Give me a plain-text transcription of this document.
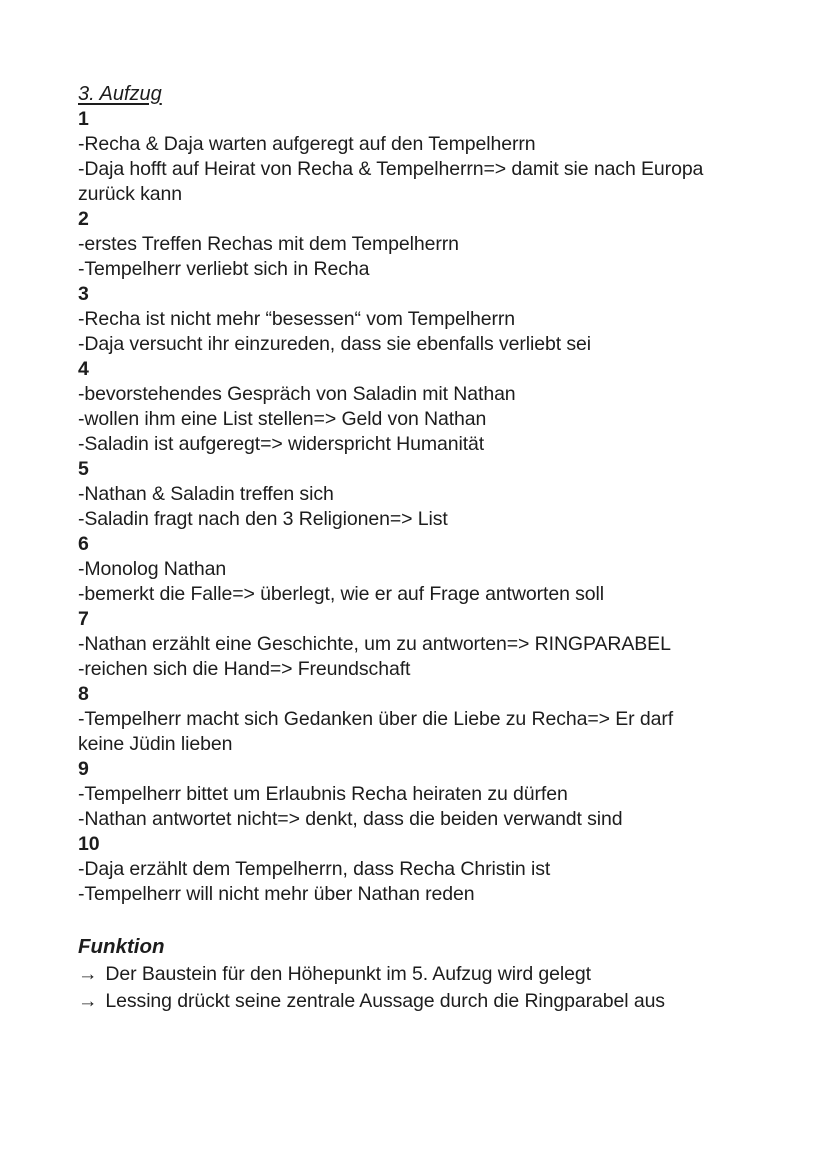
3. Aufzug
1
-Recha & Daja warten aufgeregt auf den Tempelherrn
-Daja hofft auf Heirat von Recha & Tempelherrn=> damit sie nach Europa
zurück kann
2
-erstes Treffen Rechas mit dem Tempelherrn
-Tempelherr verliebt sich in Recha
3
-Recha ist nicht mehr “besessen“ vom Tempelherrn
-Daja versucht ihr einzureden, dass sie ebenfalls verliebt sei
4
-bevorstehendes Gespräch von Saladin mit Nathan
-wollen ihm eine List stellen=> Geld von Nathan
-Saladin ist aufgeregt=> widerspricht Humanität
5
-Nathan & Saladin treffen sich
-Saladin fragt nach den 3 Religionen=> List
6
-Monolog Nathan
-bemerkt die Falle=> überlegt, wie er auf Frage antworten soll
7
-Nathan erzählt eine Geschichte, um zu antworten=> RINGPARABEL
-reichen sich die Hand=> Freundschaft
8
-Tempelherr macht sich Gedanken über die Liebe zu Recha=> Er darf
keine Jüdin lieben
9
-Tempelherr bittet um Erlaubnis Recha heiraten zu dürfen
-Nathan antwortet nicht=> denkt, dass die beiden verwandt sind
10
-Daja erzählt dem Tempelherrn, dass Recha Christin ist
-Tempelherr will nicht mehr über Nathan reden
Funktion
→ Der Baustein für den Höhepunkt im 5. Aufzug wird gelegt
→ Lessing drückt seine zentrale Aussage durch die Ringparabel aus
